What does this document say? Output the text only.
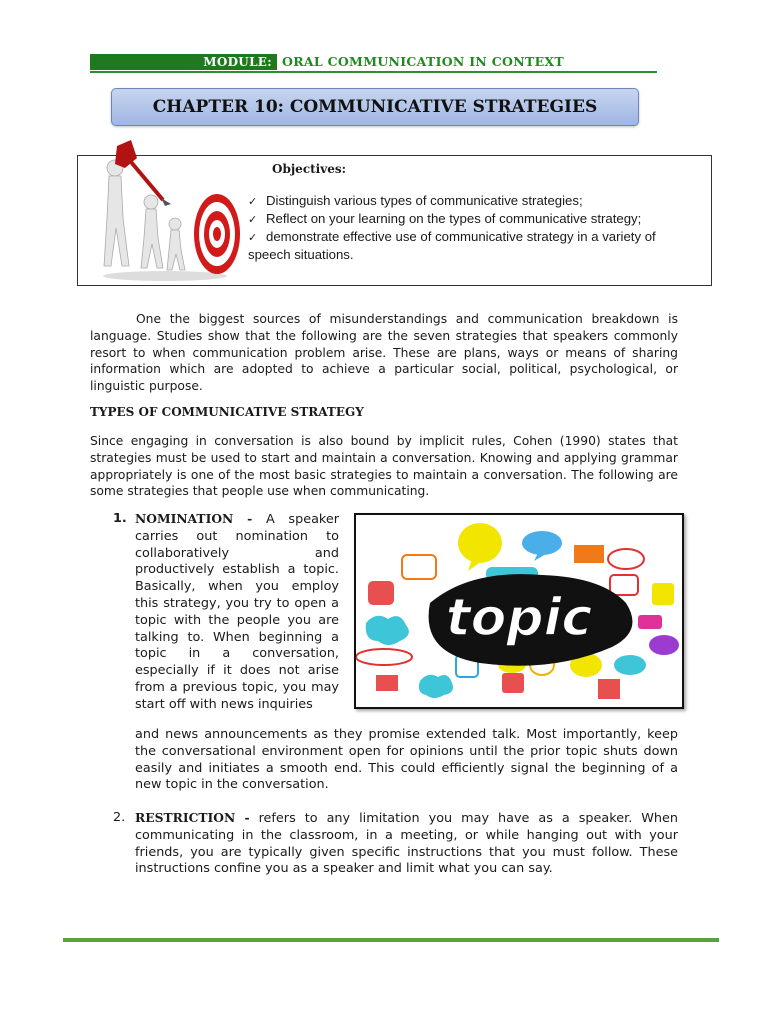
MODULE: ORAL COMMUNICATION IN CONTEXT
CHAPTER 10: COMMUNICATIVE STRATEGIES
Objectives:
✓ Distinguish various types of communicative strategies;
✓ Reflect on your learning on the types of communicative strategy;
✓ demonstrate effective use of communicative strategy in a variety of speech situations.

One the biggest sources of misunderstandings and communication breakdown is language. Studies show that the following are the seven strategies that speakers commonly resort to when communication problem arise. These are plans, ways or means of sharing information which are adopted to achieve a particular social, political, psychological, or linguistic purpose.

TYPES OF COMMUNICATIVE STRATEGY

Since engaging in conversation is also bound by implicit rules, Cohen (1990) states that strategies must be used to start and maintain a conversation. Knowing and applying grammar appropriately is one of the most basic strategies to maintain a conversation. The following are some strategies that people use when communicating.

1. NOMINATION - A speaker carries out nomination to collaboratively and productively establish a topic. Basically, when you employ this strategy, you try to open a topic with the people you are talking to. When beginning a topic in a conversation, especially if it does not arise from a previous topic, you may start off with news inquiries

and news announcements as they promise extended talk. Most importantly, keep the conversational environment open for opinions until the prior topic shuts down easily and initiates a smooth end. This could efficiently signal the beginning of a new topic in the conversation.

topic
2. RESTRICTION - refers to any limitation you may have as a speaker. When communicating in the classroom, in a meeting, or while hanging out with your friends, you are typically given specific instructions that you must follow. These instructions confine you as a speaker and limit what you can say.
